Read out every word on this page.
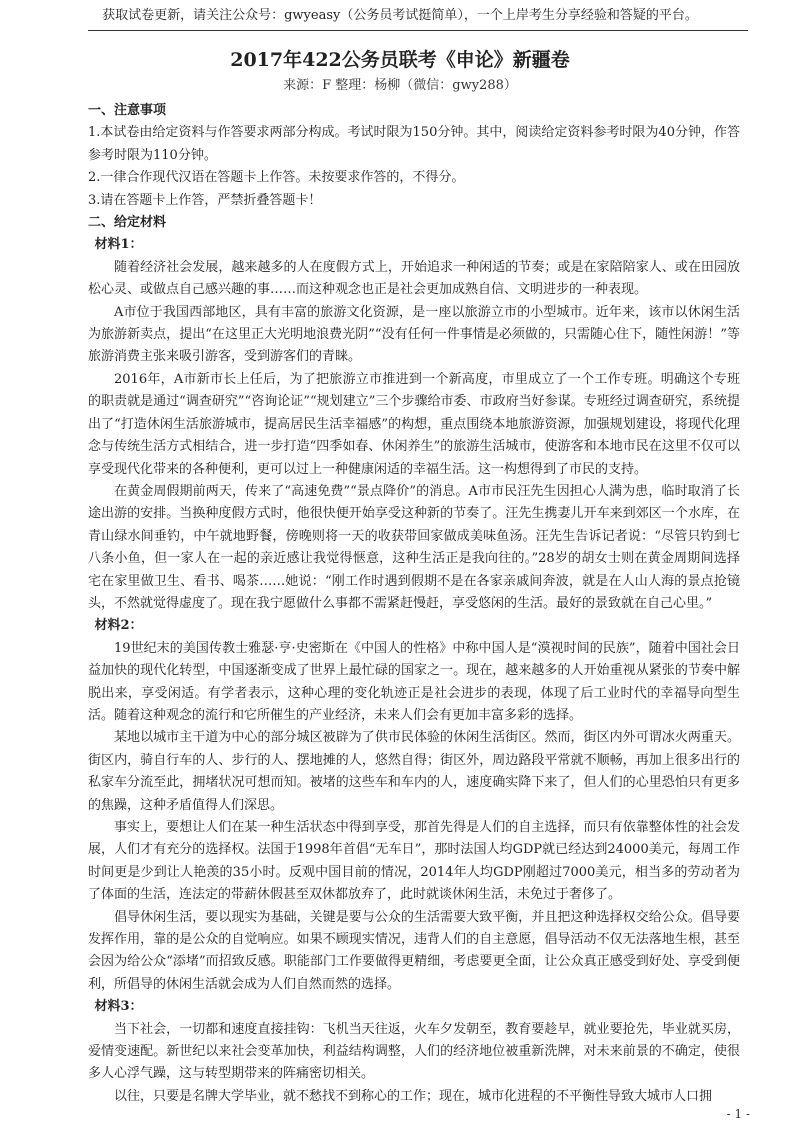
获取试卷更新，请关注公众号：gwyeasy（公务员考试挺简单），一个上岸考生分享经验和答疑的平台。
2017年422公务员联考《申论》新疆卷
来源：F 整理：杨柳（微信：gwy288）

一、注意事项

1.本试卷由给定资料与作答要求两部分构成。考试时限为150分钟。其中，阅读给定资料参考时限为40分钟，作答参考时限为110分钟。

2.一律合作现代汉语在答题卡上作答。未按要求作答的，不得分。

3.请在答题卡上作答，严禁折叠答题卡！

二、给定材料

材料1：

随着经济社会发展，越来越多的人在度假方式上，开始追求一种闲适的节奏；或是在家陪陪家人、或在田园放松心灵、或做点自己感兴趣的事……而这种观念也正是社会更加成熟自信、文明进步的一种表现。

A市位于我国西部地区，具有丰富的旅游文化资源，是一座以旅游立市的小型城市。近年来，该市以休闲生活为旅游新卖点，提出“在这里正大光明地浪费光阴”“没有任何一件事情是必须做的，只需随心住下，随性闲游！”等旅游消费主张来吸引游客，受到游客们的青睐。

2016年，A市新市长上任后，为了把旅游立市推进到一个新高度，市里成立了一个工作专班。明确这个专班的职责就是通过“调查研究”“咨询论证”“规划建立”三个步骤给市委、市政府当好参谋。专班经过调查研究，系统提出了“打造休闲生活旅游城市，提高居民生活幸福感”的构想，重点围绕本地旅游资源，加强规划建设，将现代化理念与传统生活方式相结合，进一步打造“四季如春、休闲养生”的旅游生活城市，使游客和本地市民在这里不仅可以享受现代化带来的各种便利，更可以过上一种健康闲适的幸福生活。这一构想得到了市民的支持。

在黄金周假期前两天，传来了“高速免费”“景点降价”的消息。A市市民汪先生因担心人满为患，临时取消了长途出游的安排。当换种度假方式时，他很快便开始享受这种新的节奏了。汪先生携妻儿开车来到郊区一个水库，在青山绿水间垂钓，中午就地野餐，傍晚则将一天的收获带回家做成美味鱼汤。汪先生告诉记者说：“尽管只钓到七八条小鱼，但一家人在一起的亲近感让我觉得惬意，这种生活正是我向往的。”28岁的胡女士则在黄金周期间选择宅在家里做卫生、看书、喝茶……她说：“刚工作时遇到假期不是在各家亲戚间奔波，就是在人山人海的景点抢镜头，不然就觉得虚度了。现在我宁愿做什么事都不需紧赶慢赶，享受悠闲的生活。最好的景致就在自己心里。”

材料2：

19世纪末的美国传教士雅瑟·亨·史密斯在《中国人的性格》中称中国人是“漠视时间的民族”，随着中国社会日益加快的现代化转型，中国逐渐变成了世界上最忙碌的国家之一。现在，越来越多的人开始重视从紧张的节奏中解脱出来，享受闲适。有学者表示，这种心理的变化轨迹正是社会进步的表现，体现了后工业时代的幸福导向型生活。随着这种观念的流行和它所催生的产业经济，未来人们会有更加丰富多彩的选择。

某地以城市主干道为中心的部分城区被辟为了供市民体验的休闲生活街区。然而，街区内外可谓冰火两重天。街区内，骑自行车的人、步行的人、摆地摊的人，悠然自得；街区外，周边路段平常就不顺畅，再加上很多出行的私家车分流至此，拥堵状况可想而知。被堵的这些车和车内的人，速度确实降下来了，但人们的心里恐怕只有更多的焦躁，这种矛盾值得人们深思。

事实上，要想让人们在某一种生活状态中得到享受，那首先得是人们的自主选择，而只有依靠整体性的社会发展，人们才有充分的选择权。法国于1998年首倡“无车日”，那时法国人均GDP就已经达到24000美元，每周工作时间更是少到让人艳羡的35小时。反观中国目前的情况，2014年人均GDP刚超过7000美元，相当多的劳动者为了体面的生活，连法定的带薪休假甚至双休都放弃了，此时就谈休闲生活，未免过于奢侈了。

倡导休闲生活，要以现实为基础，关键是要与公众的生活需要大致平衡，并且把这种选择权交给公众。倡导要发挥作用，靠的是公众的自觉响应。如果不顾现实情况，违背人们的自主意愿，倡导活动不仅无法落地生根，甚至会因为给公众“添堵”而招致反感。职能部门工作要做得更精细，考虑要更全面，让公众真正感受到好处、享受到便利，所倡导的休闲生活就会成为人们自然而然的选择。

材料3：

当下社会，一切都和速度直接挂钩：飞机当天往返，火车夕发朝至，教育要趁早，就业要抢先，毕业就买房，爱情变速配。新世纪以来社会变革加快，利益结构调整，人们的经济地位被重新洗牌，对未来前景的不确定，使很多人心浮气躁，这与转型期带来的阵痛密切相关。

以往，只要是名牌大学毕业，就不愁找不到称心的工作；现在，城市化进程的不平衡性导致大城市人口拥

- 1 -
